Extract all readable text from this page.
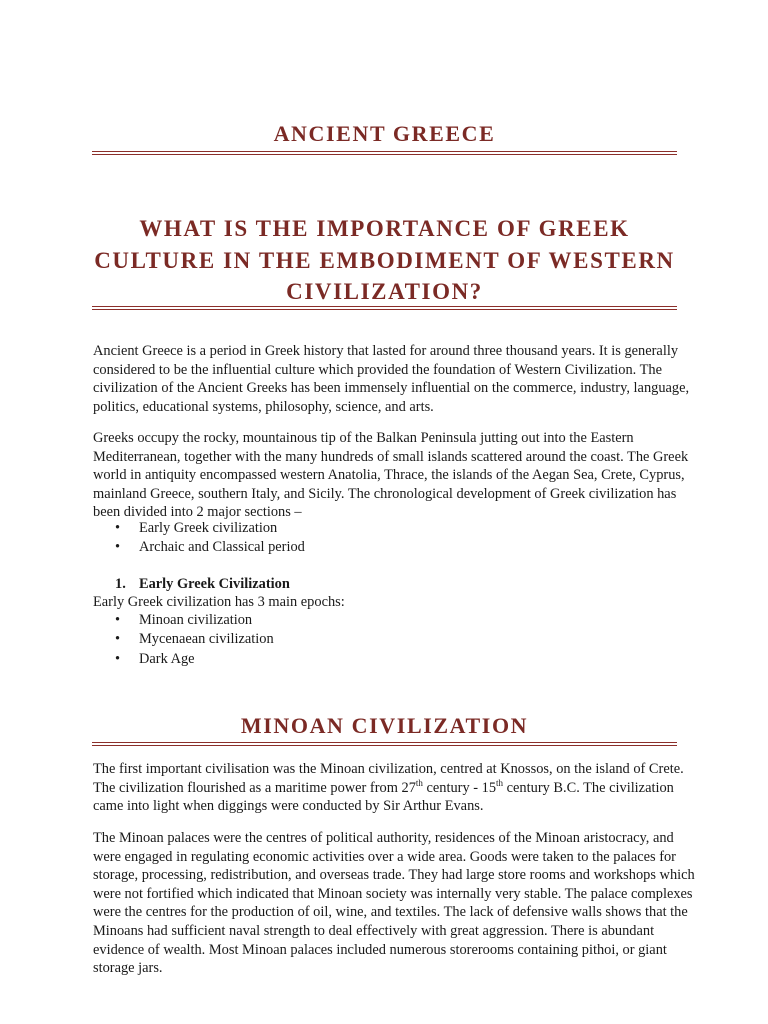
ANCIENT GREECE
WHAT IS THE IMPORTANCE OF GREEK CULTURE IN THE EMBODIMENT OF WESTERN CIVILIZATION?

Ancient Greece is a period in Greek history that lasted for around three thousand years. It is generally considered to be the influential culture which provided the foundation of Western Civilization. The civilization of the Ancient Greeks has been immensely influential on the commerce, industry, language, politics, educational systems, philosophy, science, and arts.

Greeks occupy the rocky, mountainous tip of the Balkan Peninsula jutting out into the Eastern Mediterranean, together with the many hundreds of small islands scattered around the coast. The Greek world in antiquity encompassed western Anatolia, Thrace, the islands of the Aegan Sea, Crete, Cyprus, mainland Greece, southern Italy, and Sicily. The chronological development of Greek civilization has been divided into 2 major sections –

• Early Greek civilization
• Archaic and Classical period

1. Early Greek Civilization

Early Greek civilization has 3 main epochs:

• Minoan civilization
• Mycenaean civilization
• Dark Age
MINOAN CIVILIZATION

The first important civilisation was the Minoan civilization, centred at Knossos, on the island of Crete. The civilization flourished as a maritime power from 27th century - 15th century B.C. The civilization came into light when diggings were conducted by Sir Arthur Evans.

The Minoan palaces were the centres of political authority, residences of the Minoan aristocracy, and were engaged in regulating economic activities over a wide area. Goods were taken to the palaces for storage, processing, redistribution, and overseas trade. They had large store rooms and workshops which were not fortified which indicated that Minoan society was internally very stable. The palace complexes were the centres for the production of oil, wine, and textiles. The lack of defensive walls shows that the Minoans had sufficient naval strength to deal effectively with great aggression. There is abundant evidence of wealth. Most Minoan palaces included numerous storerooms containing pithoi, or giant storage jars.
